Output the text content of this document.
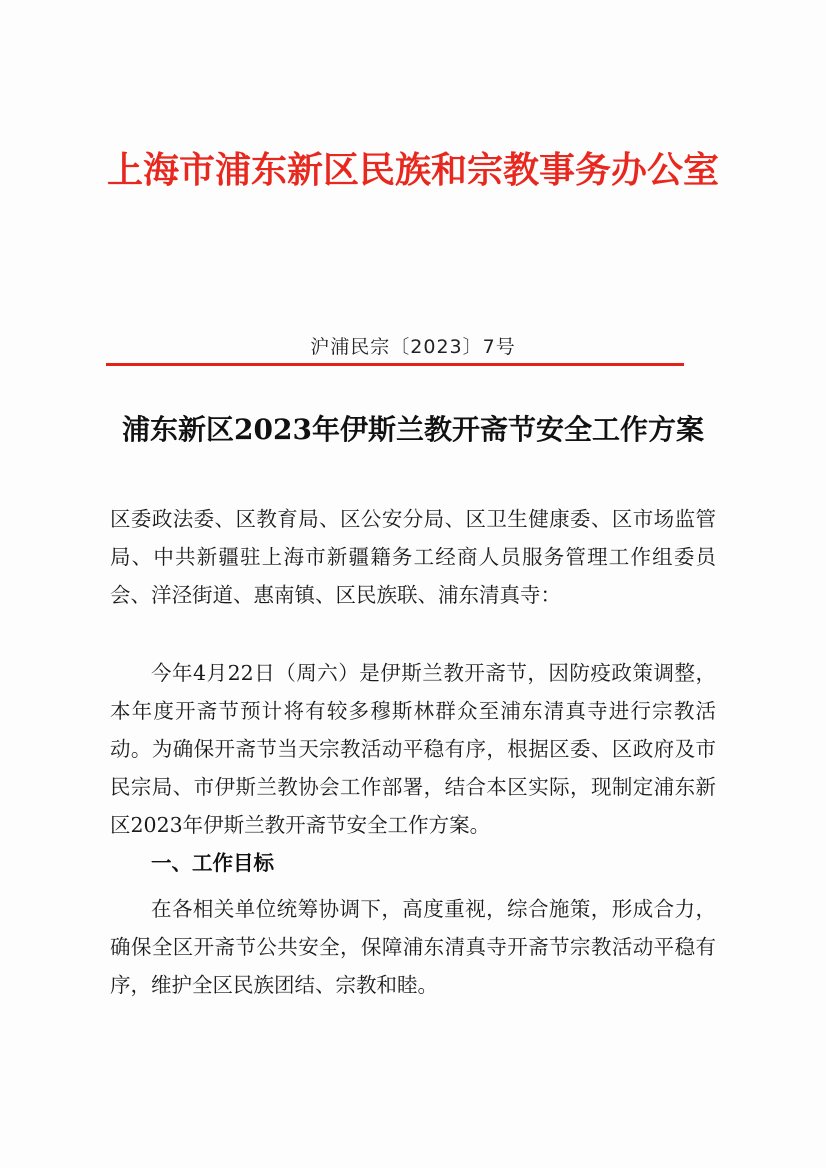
上海市浦东新区民族和宗教事务办公室
沪浦民宗〔2023〕7号
浦东新区2023年伊斯兰教开斋节安全工作方案

区委政法委、区教育局、区公安分局、区卫生健康委、区市场监管局、中共新疆驻上海市新疆籍务工经商人员服务管理工作组委员会、洋泾街道、惠南镇、区民族联、浦东清真寺：

今年4月22日（周六）是伊斯兰教开斋节，因防疫政策调整，本年度开斋节预计将有较多穆斯林群众至浦东清真寺进行宗教活动。为确保开斋节当天宗教活动平稳有序，根据区委、区政府及市民宗局、市伊斯兰教协会工作部署，结合本区实际，现制定浦东新区2023年伊斯兰教开斋节安全工作方案。

一、工作目标

在各相关单位统筹协调下，高度重视，综合施策，形成合力，确保全区开斋节公共安全，保障浦东清真寺开斋节宗教活动平稳有序，维护全区民族团结、宗教和睦。
